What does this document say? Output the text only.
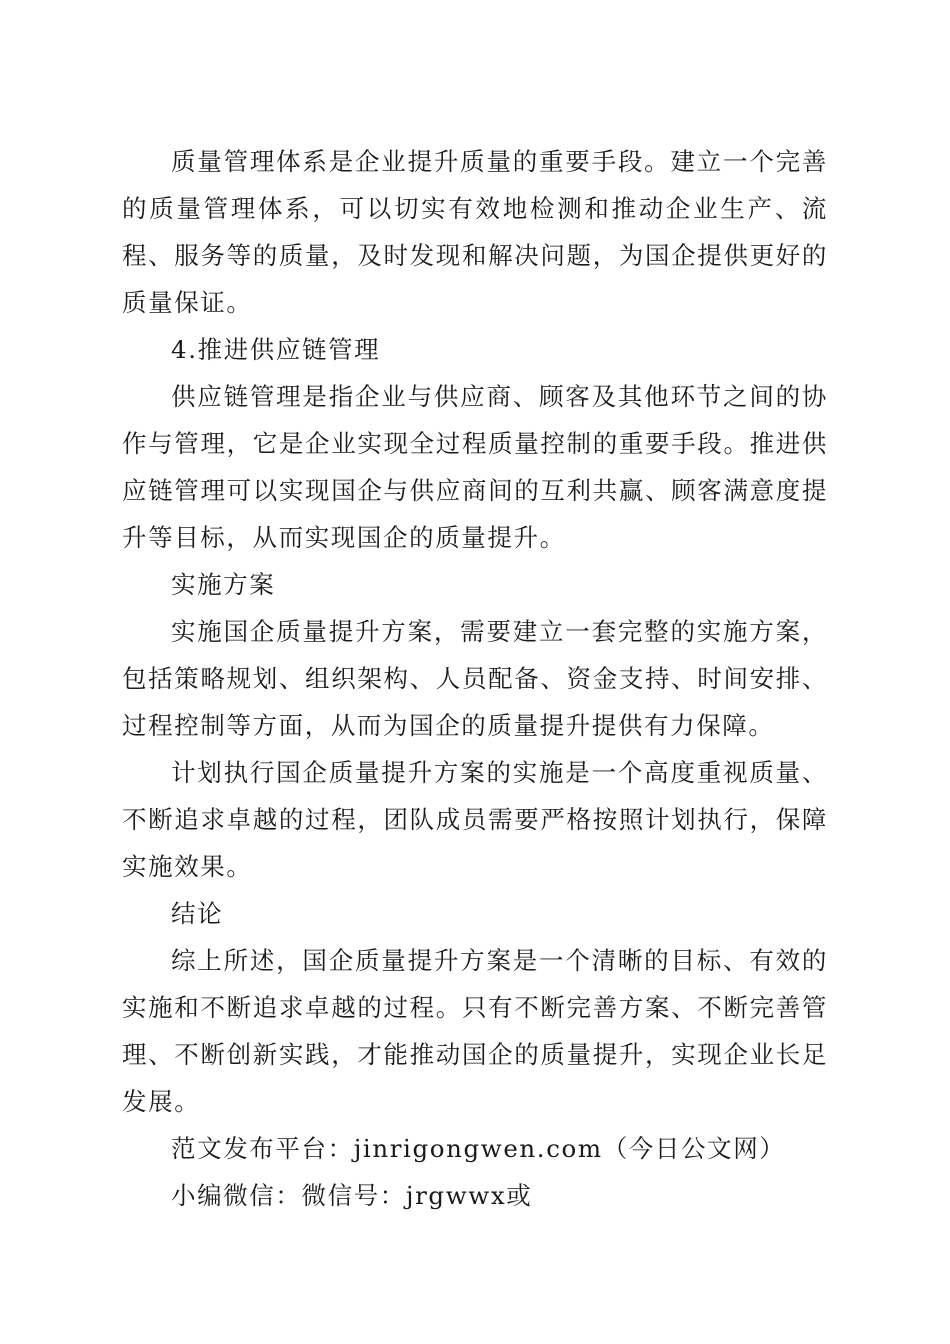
质量管理体系是企业提升质量的重要手段。建立一个完善的质量管理体系，可以切实有效地检测和推动企业生产、流程、服务等的质量，及时发现和解决问题，为国企提供更好的质量保证。

4.推进供应链管理

供应链管理是指企业与供应商、顾客及其他环节之间的协作与管理，它是企业实现全过程质量控制的重要手段。推进供应链管理可以实现国企与供应商间的互利共赢、顾客满意度提升等目标，从而实现国企的质量提升。

实施方案

实施国企质量提升方案，需要建立一套完整的实施方案，包括策略规划、组织架构、人员配备、资金支持、时间安排、过程控制等方面，从而为国企的质量提升提供有力保障。

计划执行国企质量提升方案的实施是一个高度重视质量、不断追求卓越的过程，团队成员需要严格按照计划执行，保障实施效果。

结论

综上所述，国企质量提升方案是一个清晰的目标、有效的实施和不断追求卓越的过程。只有不断完善方案、不断完善管理、不断创新实践，才能推动国企的质量提升，实现企业长足发展。

范文发布平台：jinrigongwen.com（今日公文网）

小编微信：微信号：jrgwwx或
